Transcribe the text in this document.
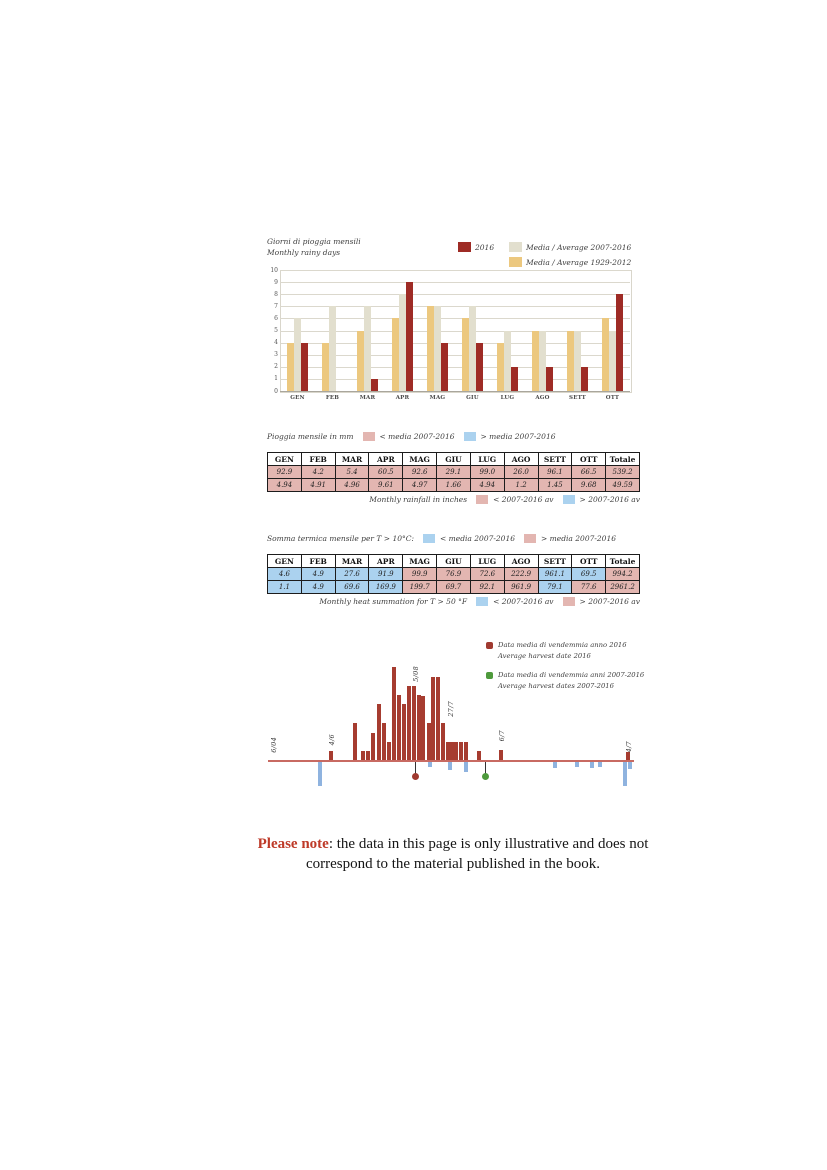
Giorni di pioggia mensili
Monthly rainy days
2016	Media / Average 2007-2016
Media / Average 1929-2012
0
1
2
3
4
5
6
7
8
9
10
GEN	FEB	MAR	APR	MAG	GIU	LUG	AGO	SETT	OTT
Pioggia mensile in mm	< media 2007-2016	> media 2007-2016
GEN	FEB	MAR	APR	MAG	GIU	LUG	AGO	SETT	OTT	Totale
92.9	4.2	5.4	60.5	92.6	29.1	99.0	26.0	96.1	66.5	539.2
4.94	4.91	4.96	9.61	4.97	1.66	4.94	1.2	1.45	9.68	49.59
Monthly rainfall in inches	< 2007-2016 av	> 2007-2016 av
Somma termica mensile per T > 10°C:	< media 2007-2016	> media 2007-2016
GEN	FEB	MAR	APR	MAG	GIU	LUG	AGO	SETT	OTT	Totale
4.6	4.9	27.6	91.9	99.9	76.9	72.6	222.9	961.1	69.5	994.2
1.1	4.9	69.6	169.9	199.7	69.7	92.1	961.9	79.1	77.6	2961.2
Monthly heat summation for T > 50 °F	< 2007-2016 av	> 2007-2016 av
Data media di vendemmia anno 2016
Average harvest date 2016
Data media di vendemmia anni 2007-2016
Average harvest dates 2007-2016
6/04	4/6
5/08
27/7
6/7
4/7
Please note: the data in this page is only illustrative and does not correspond to the material published in the book.
